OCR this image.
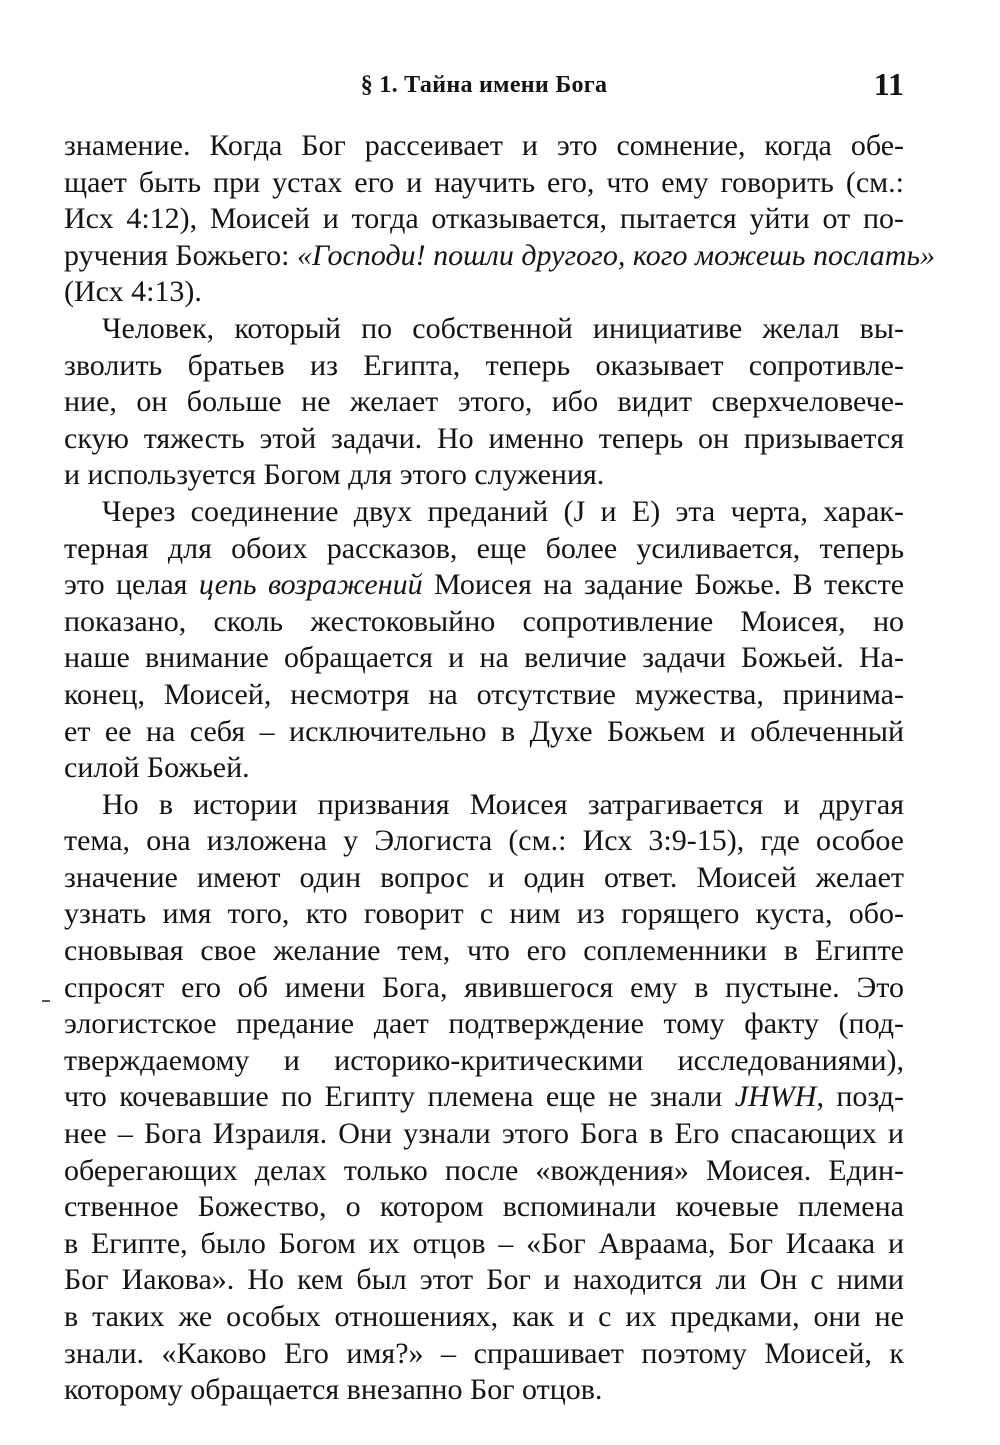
§ 1. Тайна имени Бога	11
знамение. Когда Бог рассеивает и это сомнение, когда обе-
щает быть при устах его и научить его, что ему говорить (см.:
Исх 4:12), Моисей и тогда отказывается, пытается уйти от по-
ручения Божьего: «Господи! пошли другого, кого можешь послать»
(Исх 4:13).
Человек, который по собственной инициативе желал вы-
зволить братьев из Египта, теперь оказывает сопротивле-
ние, он больше не желает этого, ибо видит сверхчеловече-
скую тяжесть этой задачи. Но именно теперь он призывается
и используется Богом для этого служения.
Через соединение двух преданий (J и E) эта черта, харак-
терная для обоих рассказов, еще более усиливается, теперь
это целая цепь возражений Моисея на задание Божье. В тексте
показано, сколь жестоковыйно сопротивление Моисея, но
наше внимание обращается и на величие задачи Божьей. На-
конец, Моисей, несмотря на отсутствие мужества, принима-
ет ее на себя – исключительно в Духе Божьем и облеченный
силой Божьей.
Но в истории призвания Моисея затрагивается и другая
тема, она изложена у Элогиста (см.: Исх 3:9-15), где особое
значение имеют один вопрос и один ответ. Моисей желает
узнать имя того, кто говорит с ним из горящего куста, обо-
сновывая свое желание тем, что его соплеменники в Египте
спросят его об имени Бога, явившегося ему в пустыне. Это
элогистское предание дает подтверждение тому факту (под-
тверждаемому и историко-критическими исследованиями),
что кочевавшие по Египту племена еще не знали JHWH, позд-
нее – Бога Израиля. Они узнали этого Бога в Его спасающих и
оберегающих делах только после «вождения» Моисея. Един-
ственное Божество, о котором вспоминали кочевые племена
в Египте, было Богом их отцов – «Бог Авраама, Бог Исаака и
Бог Иакова». Но кем был этот Бог и находится ли Он с ними
в таких же особых отношениях, как и с их предками, они не
знали. «Каково Его имя?» – спрашивает поэтому Моисей, к
которому обращается внезапно Бог отцов.
